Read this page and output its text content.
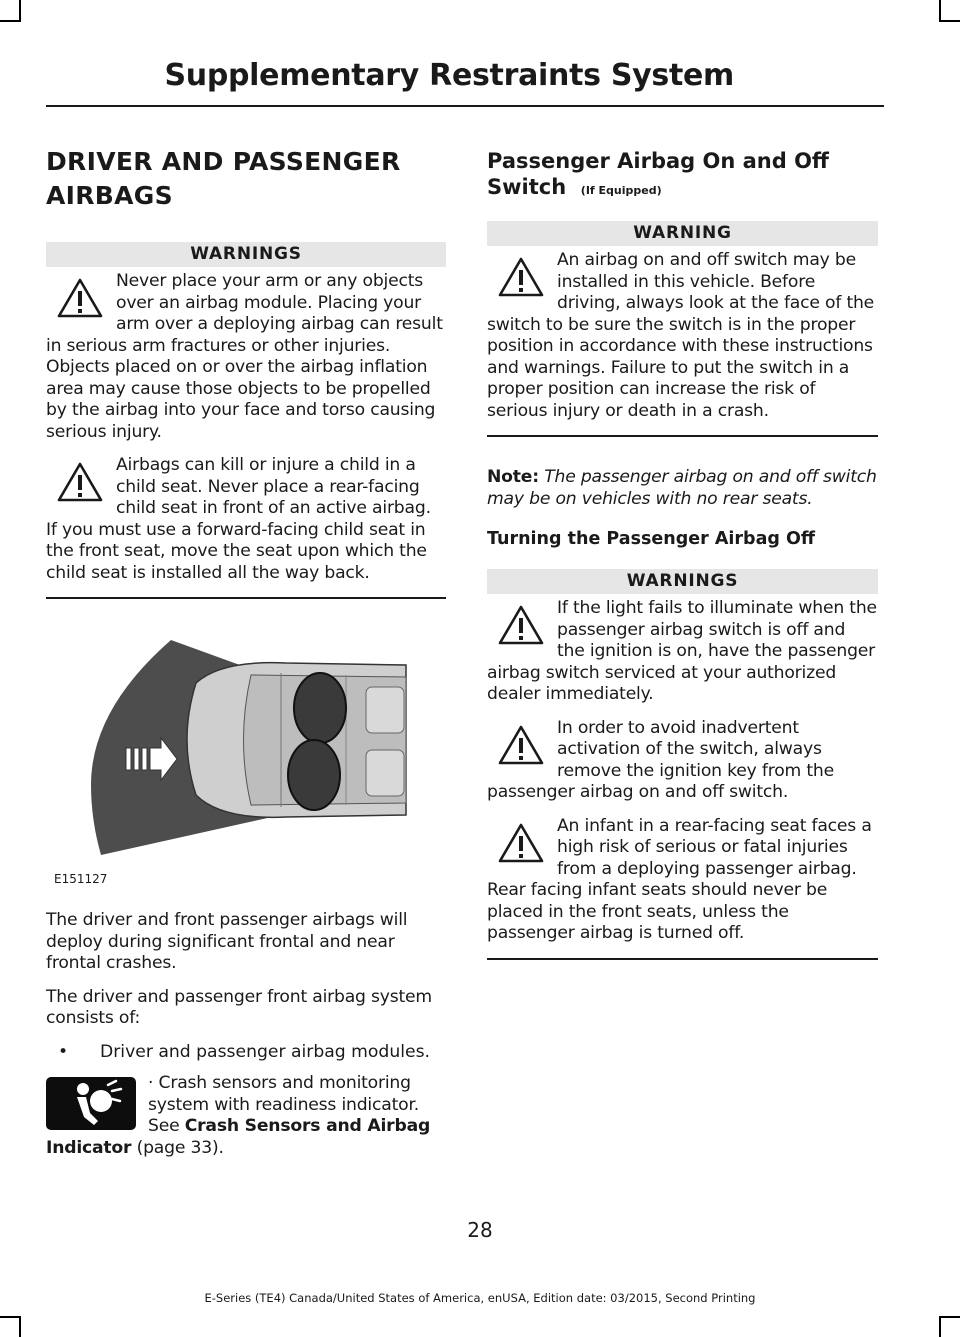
Supplementary Restraints System
DRIVER AND PASSENGER
AIRBAGS
WARNINGS
Never place your arm or any objects over an airbag module. Placing your arm over a deploying airbag can result in serious arm fractures or other injuries. Objects placed on or over the airbag inflation area may cause those objects to be propelled by the airbag into your face and torso causing serious injury.
Airbags can kill or injure a child in a child seat. Never place a rear-facing child seat in front of an active airbag. If you must use a forward-facing child seat in the front seat, move the seat upon which the child seat is installed all the way back.
E151127

The driver and front passenger airbags will deploy during significant frontal and near frontal crashes.

The driver and passenger front airbag system consists of:

•	Driver and passenger airbag modules.
· Crash sensors and monitoring system with readiness indicator. See Crash Sensors and Airbag Indicator (page 33).
Passenger Airbag On and Off
Switch (If Equipped)
WARNING
An airbag on and off switch may be installed in this vehicle. Before driving, always look at the face of the switch to be sure the switch is in the proper position in accordance with these instructions and warnings. Failure to put the switch in a proper position can increase the risk of serious injury or death in a crash.

Note: The passenger airbag on and off switch may be on vehicles with no rear seats.

Turning the Passenger Airbag Off
WARNINGS
If the light fails to illuminate when the passenger airbag switch is off and the ignition is on, have the passenger airbag switch serviced at your authorized dealer immediately.
In order to avoid inadvertent activation of the switch, always remove the ignition key from the passenger airbag on and off switch.
An infant in a rear-facing seat faces a high risk of serious or fatal injuries from a deploying passenger airbag. Rear facing infant seats should never be placed in the front seats, unless the passenger airbag is turned off.
28
E-Series (TE4) Canada/United States of America, enUSA, Edition date: 03/2015, Second Printing
